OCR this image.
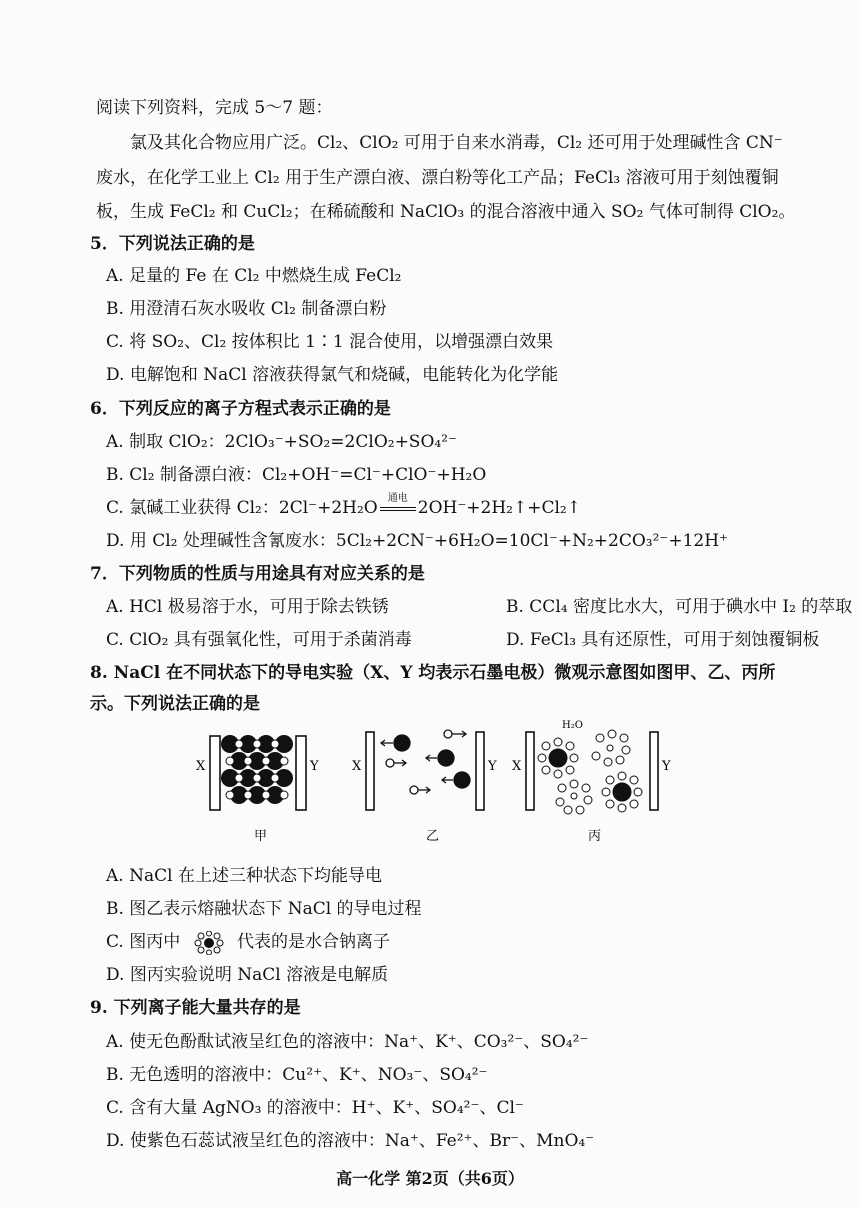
阅读下列资料，完成 5～7 题：
氯及其化合物应用广泛。Cl₂、ClO₂ 可用于自来水消毒，Cl₂ 还可用于处理碱性含 CN⁻
废水，在化学工业上 Cl₂ 用于生产漂白液、漂白粉等化工产品；FeCl₃ 溶液可用于刻蚀覆铜
板，生成 FeCl₂ 和 CuCl₂；在稀硫酸和 NaClO₃ 的混合溶液中通入 SO₂ 气体可制得 ClO₂。
5．下列说法正确的是
A. 足量的 Fe 在 Cl₂ 中燃烧生成 FeCl₂
B. 用澄清石灰水吸收 Cl₂ 制备漂白粉
C. 将 SO₂、Cl₂ 按体积比 1∶1 混合使用，以增强漂白效果
D. 电解饱和 NaCl 溶液获得氯气和烧碱，电能转化为化学能
6．下列反应的离子方程式表示正确的是
A. 制取 ClO₂：2ClO₃⁻+SO₂=2ClO₂+SO₄²⁻
B. Cl₂ 制备漂白液：Cl₂+OH⁻=Cl⁻+ClO⁻+H₂O
C. 氯碱工业获得 Cl₂：2Cl⁻+2H₂O	通电 2OH⁻+2H₂↑+Cl₂↑
D. 用 Cl₂ 处理碱性含氰废水：5Cl₂+2CN⁻+6H₂O=10Cl⁻+N₂+2CO₃²⁻+12H⁺
7．下列物质的性质与用途具有对应关系的是
A. HCl 极易溶于水，可用于除去铁锈	B. CCl₄ 密度比水大，可用于碘水中 I₂ 的萃取
C. ClO₂ 具有强氧化性，可用于杀菌消毒	D. FeCl₃ 具有还原性，可用于刻蚀覆铜板
8. NaCl 在不同状态下的导电实验（X、Y 均表示石墨电极）微观示意图如图甲、乙、丙所
示。下列说法正确的是
X	Y
甲
X	Y
乙
X	Y
H₂O
丙
A. NaCl 在上述三种状态下均能导电
B. 图乙表示熔融状态下 NaCl 的导电过程
C. 图丙中	代表的是水合钠离子
D. 图丙实验说明 NaCl 溶液是电解质
9. 下列离子能大量共存的是
A. 使无色酚酞试液呈红色的溶液中：Na⁺、K⁺、CO₃²⁻、SO₄²⁻
B. 无色透明的溶液中：Cu²⁺、K⁺、NO₃⁻、SO₄²⁻
C. 含有大量 AgNO₃ 的溶液中：H⁺、K⁺、SO₄²⁻、Cl⁻
D. 使紫色石蕊试液呈红色的溶液中：Na⁺、Fe²⁺、Br⁻、MnO₄⁻
高一化学 第2页（共6页）
